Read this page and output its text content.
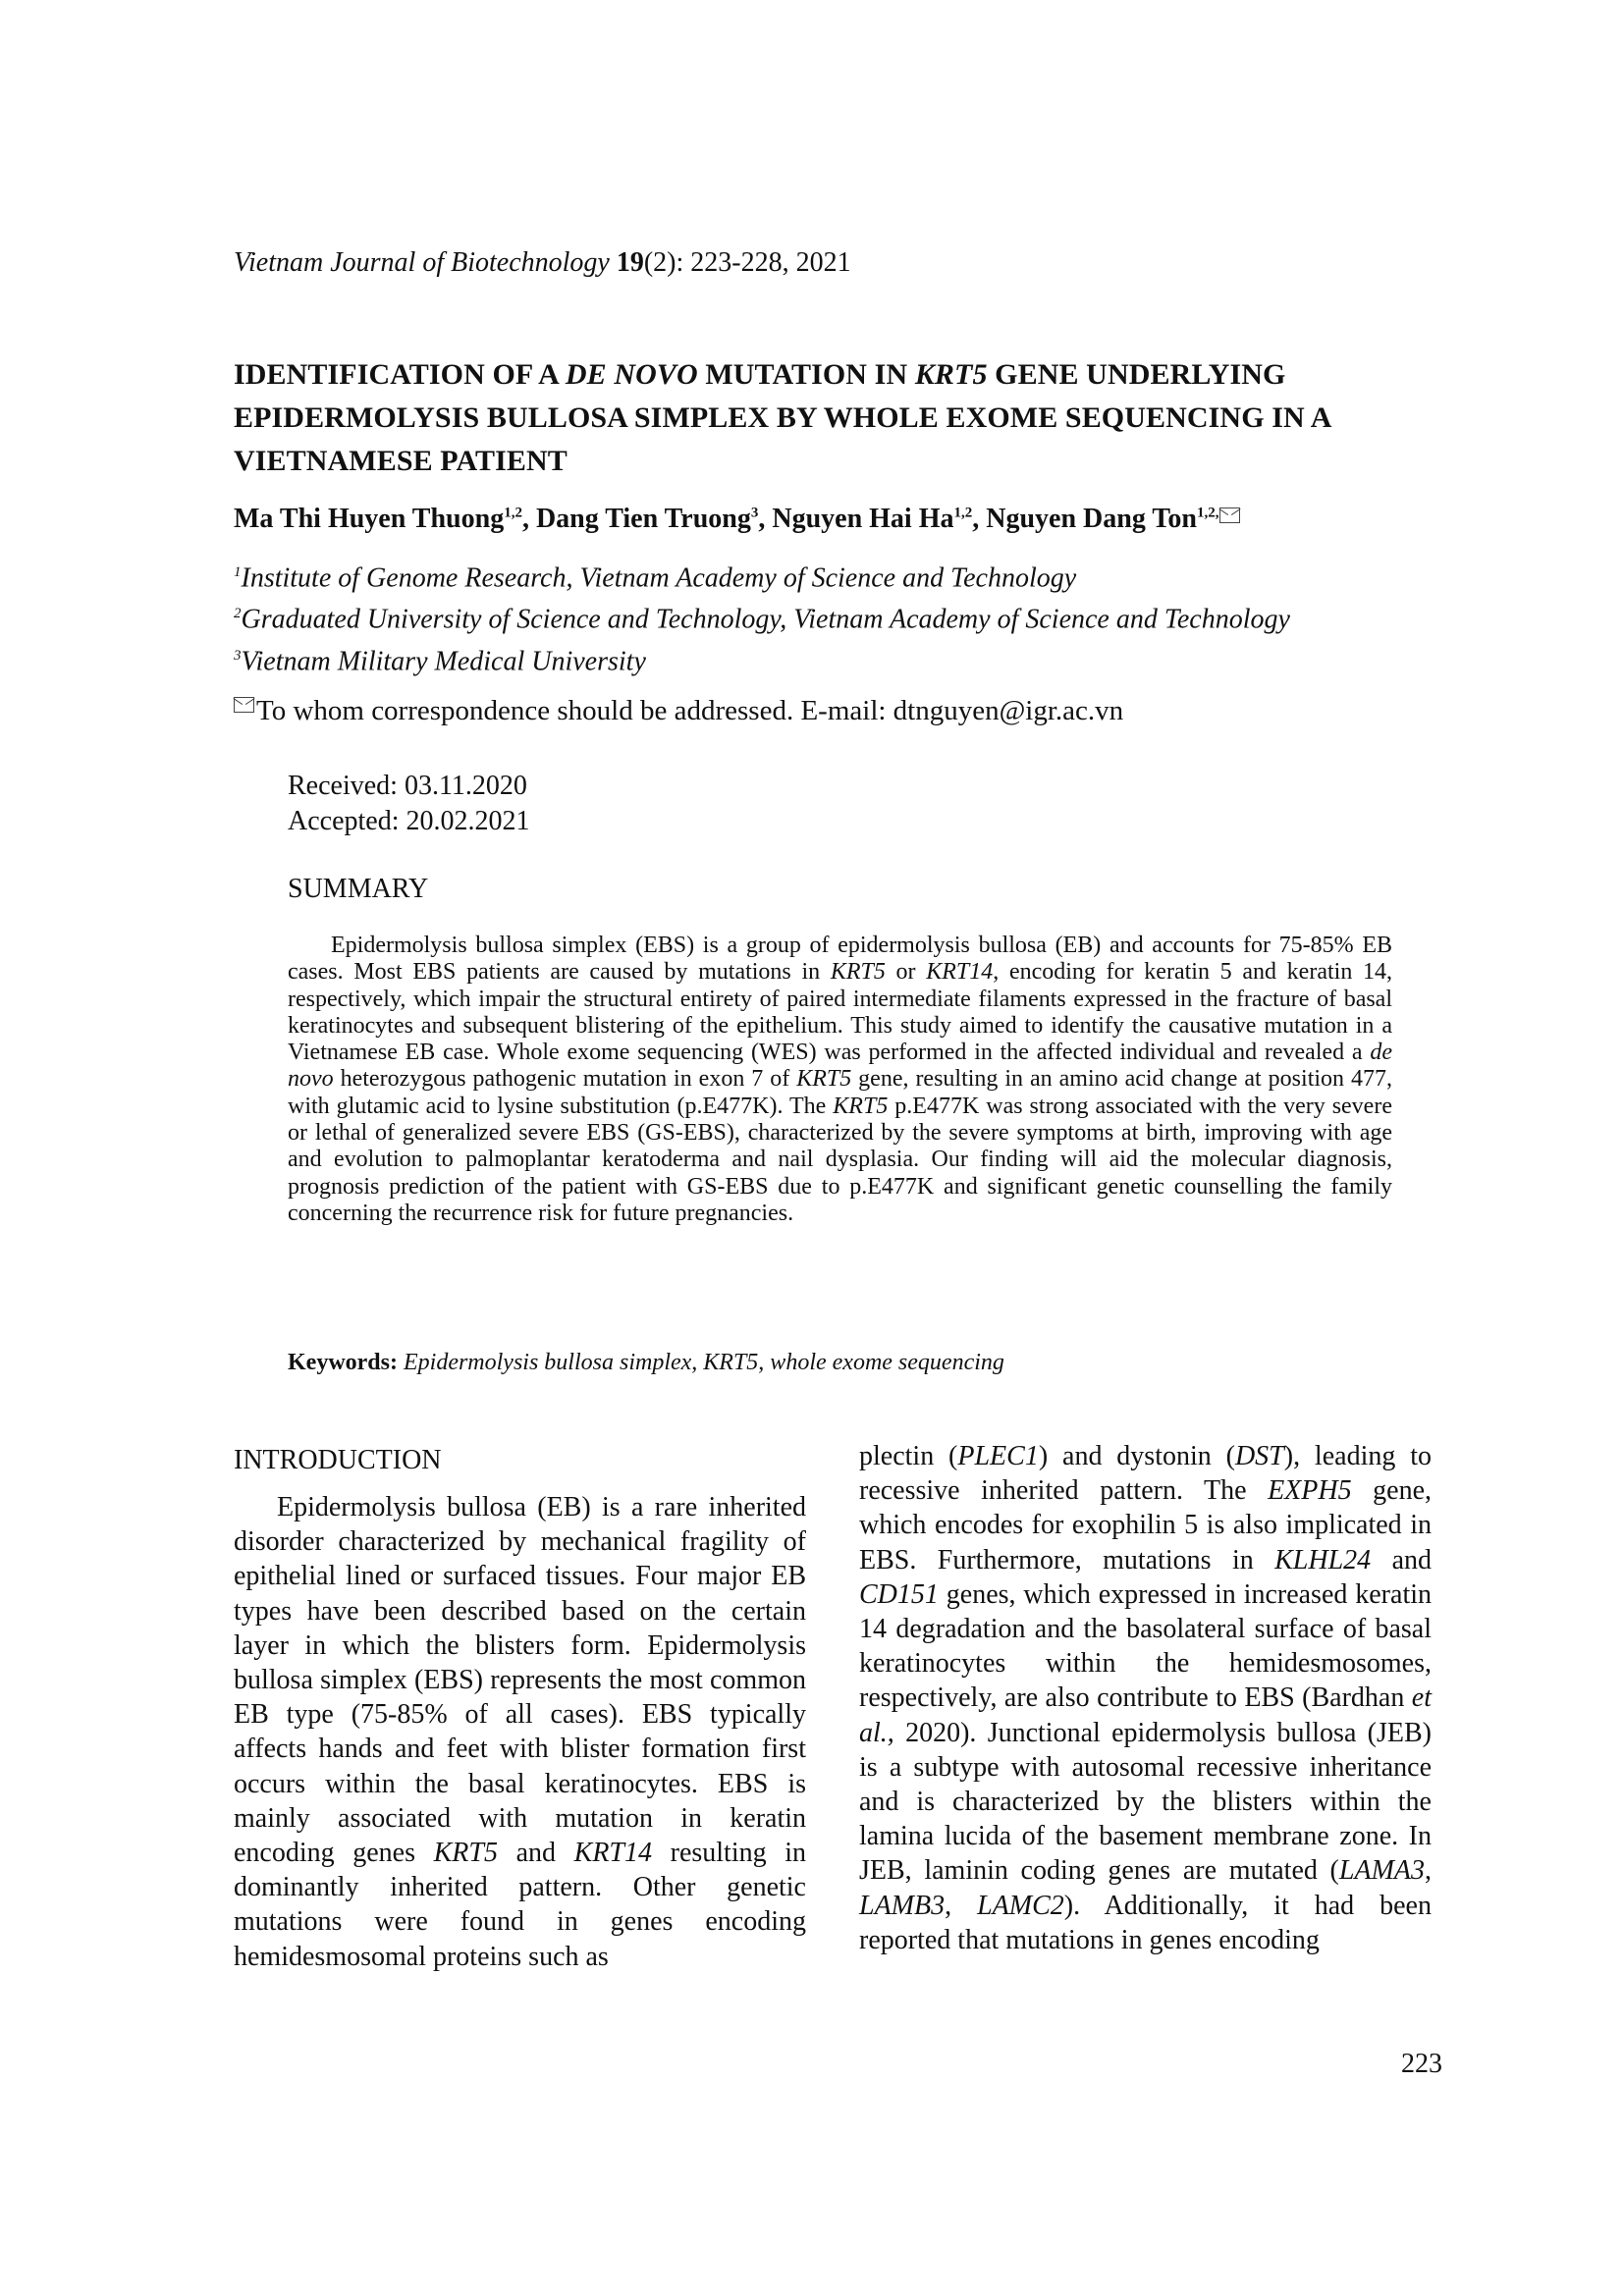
Vietnam Journal of Biotechnology 19(2): 223-228, 2021
IDENTIFICATION OF A DE NOVO MUTATION IN KRT5 GENE UNDERLYING EPIDERMOLYSIS BULLOSA SIMPLEX BY WHOLE EXOME SEQUENCING IN A VIETNAMESE PATIENT
Ma Thi Huyen Thuong$^{1,2}$, Dang Tien Truong$^3$, Nguyen Hai Ha$^{1,2}$, Nguyen Dang Ton$^{1,2,}$
$^1$Institute of Genome Research, Vietnam Academy of Science and Technology
$^2$Graduated University of Science and Technology, Vietnam Academy of Science and Technology
$^3$Vietnam Military Medical University
To whom correspondence should be addressed. E-mail: dtnguyen@igr.ac.vn
Received: 03.11.2020
Accepted: 20.02.2021
SUMMARY

Epidermolysis bullosa simplex (EBS) is a group of epidermolysis bullosa (EB) and accounts for 75-85% EB cases. Most EBS patients are caused by mutations in KRT5 or KRT14, encoding for keratin 5 and keratin 14, respectively, which impair the structural entirety of paired intermediate filaments expressed in the fracture of basal keratinocytes and subsequent blistering of the epithelium. This study aimed to identify the causative mutation in a Vietnamese EB case. Whole exome sequencing (WES) was performed in the affected individual and revealed a de novo heterozygous pathogenic mutation in exon 7 of KRT5 gene, resulting in an amino acid change at position 477, with glutamic acid to lysine substitution (p.E477K). The KRT5 p.E477K was strong associated with the very severe or lethal of generalized severe EBS (GS-EBS), characterized by the severe symptoms at birth, improving with age and evolution to palmoplantar keratoderma and nail dysplasia. Our finding will aid the molecular diagnosis, prognosis prediction of the patient with GS-EBS due to p.E477K and significant genetic counselling the family concerning the recurrence risk for future pregnancies.

Keywords: Epidermolysis bullosa simplex, KRT5, whole exome sequencing
INTRODUCTION

Epidermolysis bullosa (EB) is a rare inherited disorder characterized by mechanical fragility of epithelial lined or surfaced tissues. Four major EB types have been described based on the certain layer in which the blisters form. Epidermolysis bullosa simplex (EBS) represents the most common EB type (75-85% of all cases). EBS typically affects hands and feet with blister formation first occurs within the basal keratinocytes. EBS is mainly associated with mutation in keratin encoding genes KRT5 and KRT14 resulting in dominantly inherited pattern. Other genetic mutations were found in genes encoding hemidesmosomal proteins such as

plectin (PLEC1) and dystonin (DST), leading to recessive inherited pattern. The EXPH5 gene, which encodes for exophilin 5 is also implicated in EBS. Furthermore, mutations in KLHL24 and CD151 genes, which expressed in increased keratin 14 degradation and the basolateral surface of basal keratinocytes within the hemidesmosomes, respectively, are also contribute to EBS (Bardhan et al., 2020). Junctional epidermolysis bullosa (JEB) is a subtype with autosomal recessive inheritance and is characterized by the blisters within the lamina lucida of the basement membrane zone. In JEB, laminin coding genes are mutated (LAMA3, LAMB3, LAMC2). Additionally, it had been reported that mutations in genes encoding

223
